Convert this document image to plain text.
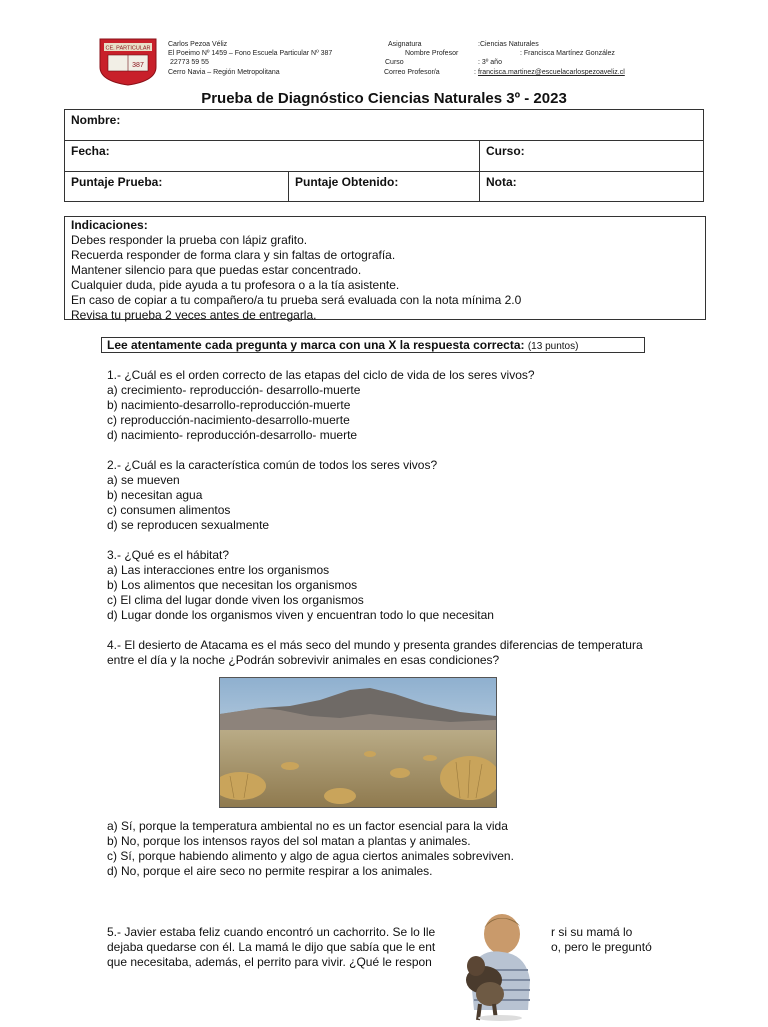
CE. PARTICULAR
387
Carlos Pezoa Véliz
El Poeimo Nº 1459 – Fono Escuela Particular Nº 387
22773 59 55
Cerro Navia – Región Metropolitana
Asignatura	:Ciencias Naturales
Nombre Profesor	: Francisca Martínez González
Curso	: 3º año
Correo Profesor/a	: francisca.martinez@escuelacarlospezoaveliz.cl
Prueba de Diagnóstico Ciencias Naturales 3º - 2023
Nombre:		
Fecha:		Curso:
Puntaje Prueba:	Puntaje Obtenido:	Nota:
Indicaciones:
Debes responder la prueba con lápiz grafito.
Recuerda responder de forma clara y sin faltas de ortografía.
Mantener silencio para que puedas estar concentrado.
Cualquier duda, pide ayuda a tu profesora o a la tía asistente.
En caso de copiar a tu compañero/a tu prueba será evaluada con la nota mínima 2.0
Revisa tu prueba 2 veces antes de entregarla.
Lee atentamente cada pregunta y marca con una X la respuesta correcta: (13 puntos)
1.- ¿Cuál es el orden correcto de las etapas del ciclo de vida de los seres vivos?
a) crecimiento- reproducción- desarrollo-muerte
b) nacimiento-desarrollo-reproducción-muerte
c) reproducción-nacimiento-desarrollo-muerte
d) nacimiento- reproducción-desarrollo- muerte
2.- ¿Cuál es la característica común de todos los seres vivos?
a) se mueven
b) necesitan agua
c) consumen alimentos
d) se reproducen sexualmente
3.- ¿Qué es el hábitat?
a) Las interacciones entre los organismos
b) Los alimentos que necesitan los organismos
c) El clima del lugar donde viven los organismos
d) Lugar donde los organismos viven y encuentran todo lo que necesitan
4.- El desierto de Atacama es el más seco del mundo y presenta grandes diferencias de temperatura
entre el día y la noche ¿Podrán sobrevivir animales en esas condiciones?
a) Sí, porque la temperatura ambiental no es un factor esencial para la vida
b) No, porque los intensos rayos del sol matan a plantas y animales.
c) Sí, porque habiendo alimento y algo de agua ciertos animales sobreviven.
d) No, porque el aire seco no permite respirar a los animales.
5.- Javier estaba feliz cuando encontró un cachorrito. Se lo lle
dejaba quedarse con él. La mamá le dijo que sabía que le ent
que necesitaba, además, el perrito para vivir. ¿Qué le respon
r si su mamá lo
o, pero le preguntó
